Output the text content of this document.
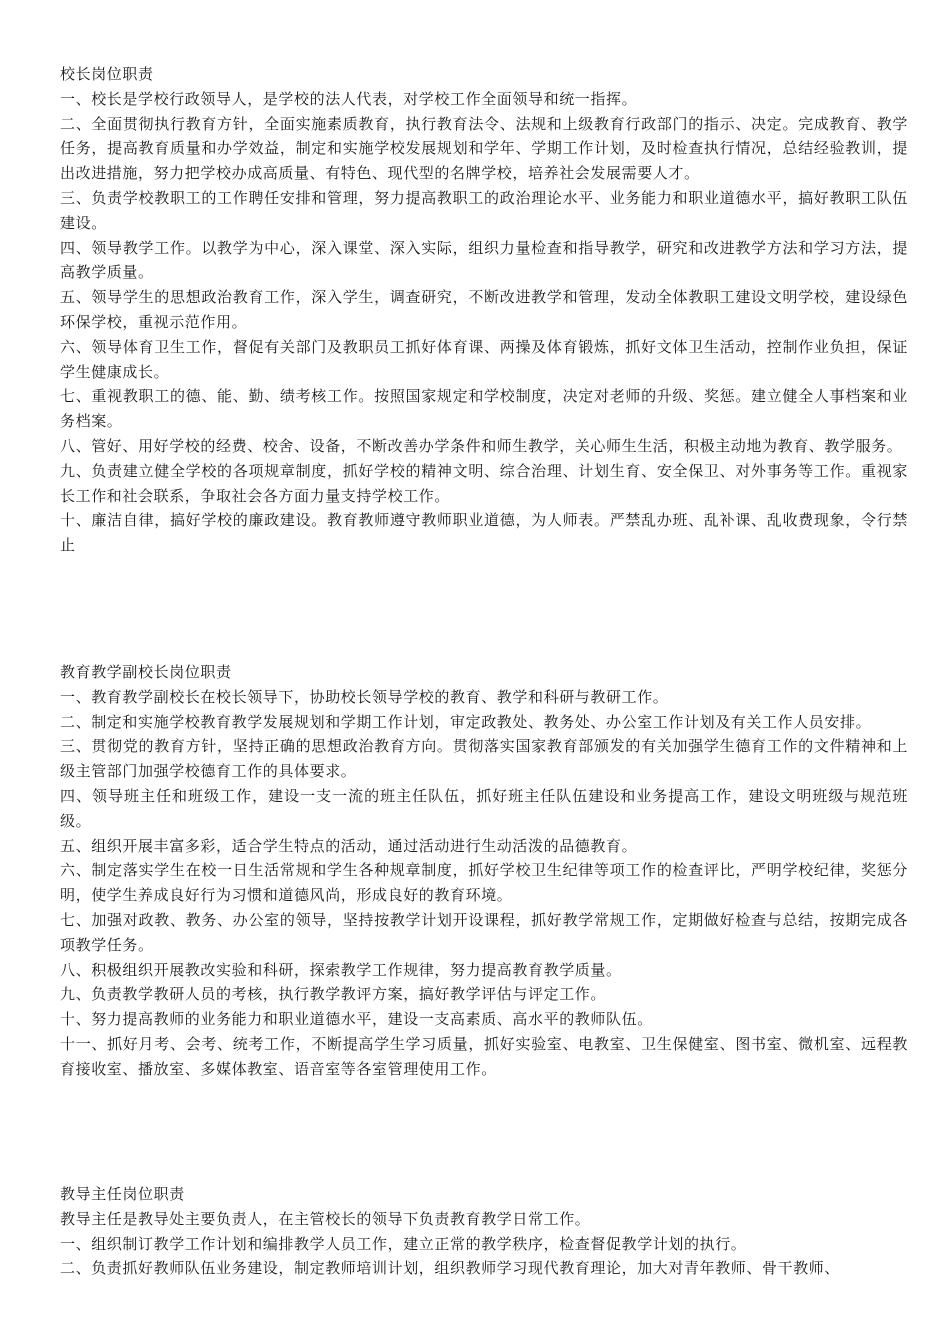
校长岗位职责

一、校长是学校行政领导人，是学校的法人代表，对学校工作全面领导和统一指挥。

二、全面贯彻执行教育方针，全面实施素质教育，执行教育法令、法规和上级教育行政部门的指示、决定。完成教育、教学任务，提高教育质量和办学效益，制定和实施学校发展规划和学年、学期工作计划，及时检查执行情况，总结经验教训，提出改进措施，努力把学校办成高质量、有特色、现代型的名牌学校，培养社会发展需要人才。

三、负责学校教职工的工作聘任安排和管理，努力提高教职工的政治理论水平、业务能力和职业道德水平，搞好教职工队伍建设。

四、领导教学工作。以教学为中心，深入课堂、深入实际，组织力量检查和指导教学，研究和改进教学方法和学习方法，提高教学质量。

五、领导学生的思想政治教育工作，深入学生，调查研究，不断改进教学和管理，发动全体教职工建设文明学校，建设绿色环保学校，重视示范作用。

六、领导体育卫生工作，督促有关部门及教职员工抓好体育课、两操及体育锻炼，抓好文体卫生活动，控制作业负担，保证学生健康成长。

七、重视教职工的德、能、勤、绩考核工作。按照国家规定和学校制度，决定对老师的升级、奖惩。建立健全人事档案和业务档案。

八、管好、用好学校的经费、校舍、设备，不断改善办学条件和师生教学，关心师生生活，积极主动地为教育、教学服务。

九、负责建立健全学校的各项规章制度，抓好学校的精神文明、综合治理、计划生育、安全保卫、对外事务等工作。重视家长工作和社会联系，争取社会各方面力量支持学校工作。

十、廉洁自律，搞好学校的廉政建设。教育教师遵守教师职业道德，为人师表。严禁乱办班、乱补课、乱收费现象，令行禁止

教育教学副校长岗位职责

一、教育教学副校长在校长领导下，协助校长领导学校的教育、教学和科研与教研工作。

二、制定和实施学校教育教学发展规划和学期工作计划，审定政教处、教务处、办公室工作计划及有关工作人员安排。

三、贯彻党的教育方针，坚持正确的思想政治教育方向。贯彻落实国家教育部颁发的有关加强学生德育工作的文件精神和上级主管部门加强学校德育工作的具体要求。

四、领导班主任和班级工作，建设一支一流的班主任队伍，抓好班主任队伍建设和业务提高工作，建设文明班级与规范班级。

五、组织开展丰富多彩，适合学生特点的活动，通过活动进行生动活泼的品德教育。

六、制定落实学生在校一日生活常规和学生各种规章制度，抓好学校卫生纪律等项工作的检查评比，严明学校纪律，奖惩分明，使学生养成良好行为习惯和道德风尚，形成良好的教育环境。

七、加强对政教、教务、办公室的领导，坚持按教学计划开设课程，抓好教学常规工作，定期做好检查与总结，按期完成各项教学任务。

八、积极组织开展教改实验和科研，探索教学工作规律，努力提高教育教学质量。

九、负责教学教研人员的考核，执行教学教评方案，搞好教学评估与评定工作。

十、努力提高教师的业务能力和职业道德水平，建设一支高素质、高水平的教师队伍。

十一、抓好月考、会考、统考工作，不断提高学生学习质量，抓好实验室、电教室、卫生保健室、图书室、微机室、远程教育接收室、播放室、多媒体教室、语音室等各室管理使用工作。

教导主任岗位职责

教导主任是教导处主要负责人，在主管校长的领导下负责教育教学日常工作。

一、组织制订教学工作计划和编排教学人员工作，建立正常的教学秩序，检查督促教学计划的执行。

二、负责抓好教师队伍业务建设，制定教师培训计划，组织教师学习现代教育理论，加大对青年教师、骨干教师、
